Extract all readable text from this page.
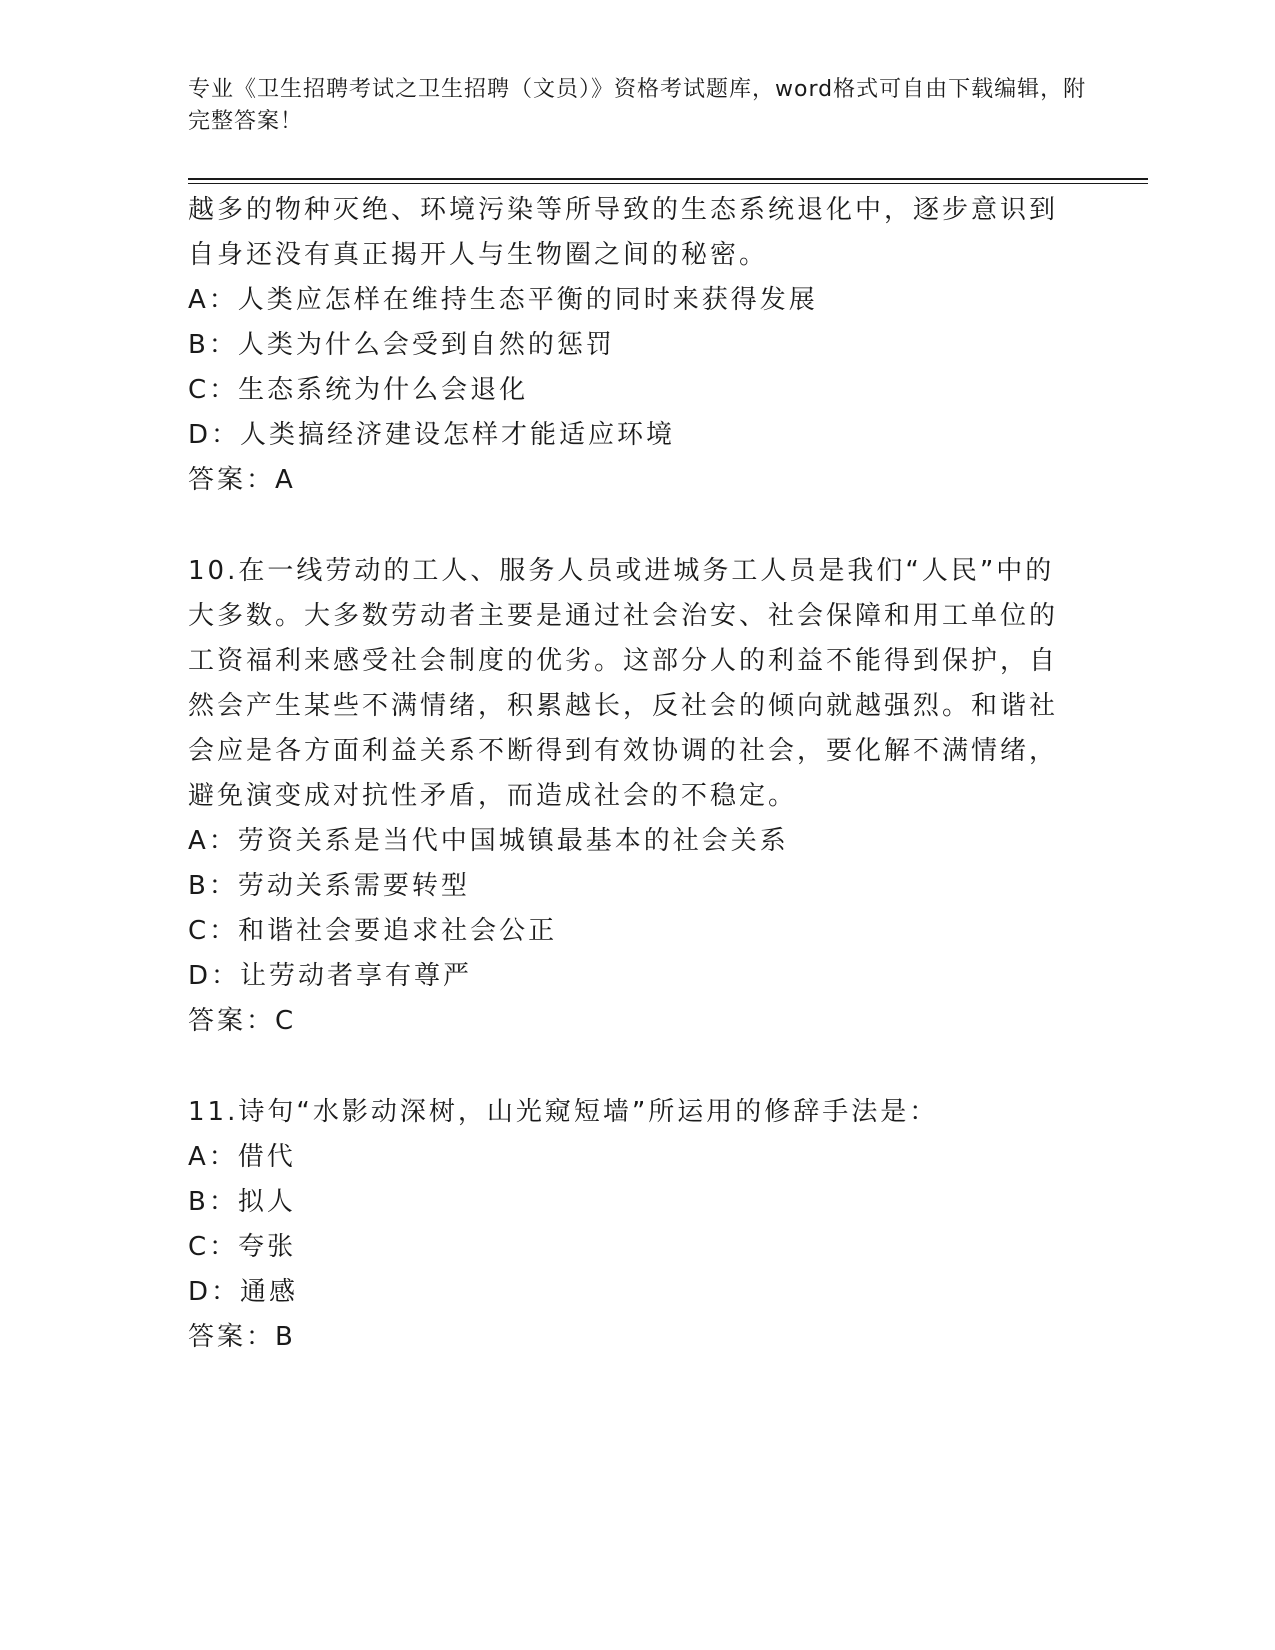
专业《卫生招聘考试之卫生招聘（文员）》资格考试题库，word格式可自由下载编辑，附完整答案！

越多的物种灭绝、环境污染等所导致的生态系统退化中，逐步意识到
自身还没有真正揭开人与生物圈之间的秘密。

A：人类应怎样在维持生态平衡的同时来获得发展

B：人类为什么会受到自然的惩罚

C：生态系统为什么会退化

D：人类搞经济建设怎样才能适应环境

答案：A

10.在一线劳动的工人、服务人员或进城务工人员是我们“人民”中的
大多数。大多数劳动者主要是通过社会治安、社会保障和用工单位的
工资福利来感受社会制度的优劣。这部分人的利益不能得到保护，自
然会产生某些不满情绪，积累越长，反社会的倾向就越强烈。和谐社
会应是各方面利益关系不断得到有效协调的社会，要化解不满情绪，
避免演变成对抗性矛盾，而造成社会的不稳定。

A：劳资关系是当代中国城镇最基本的社会关系

B：劳动关系需要转型

C：和谐社会要追求社会公正

D：让劳动者享有尊严

答案：C

11.诗句“水影动深树，山光窥短墙”所运用的修辞手法是：

A：借代

B：拟人

C：夸张

D：通感

答案：B
